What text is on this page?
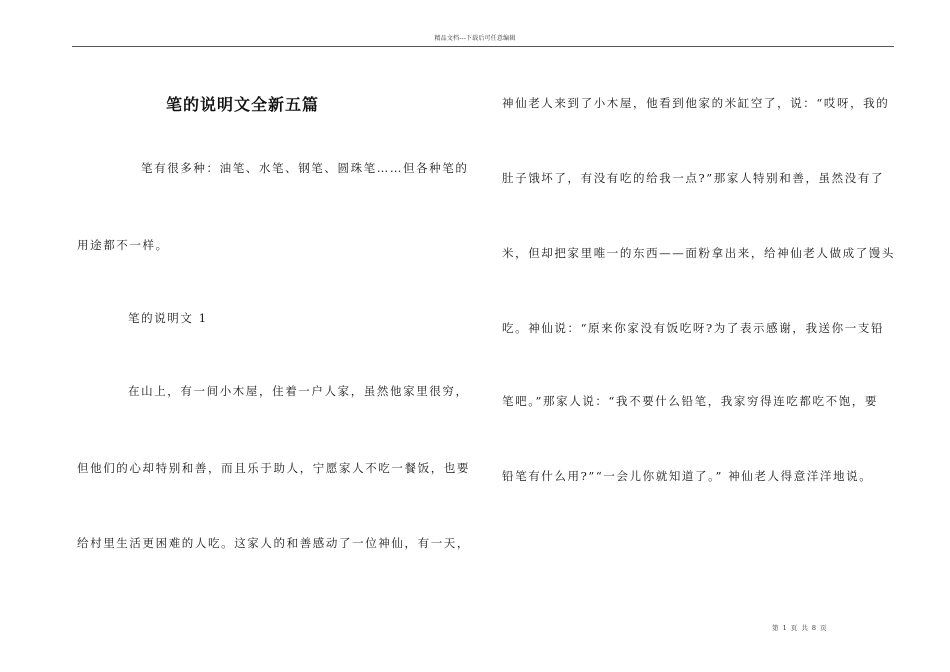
精品文档---下载后可任意编辑
笔的说明文全新五篇
笔有很多种：油笔、水笔、钢笔、圆珠笔……但各种笔的
用途都不一样。
笔的说明文 1
在山上，有一间小木屋，住着一户人家，虽然他家里很穷，
但他们的心却特别和善，而且乐于助人，宁愿家人不吃一餐饭，也要
给村里生活更困难的人吃。这家人的和善感动了一位神仙，有一天，
神仙老人来到了小木屋，他看到他家的米缸空了，说：“哎呀，我的
肚子饿坏了，有没有吃的给我一点?”那家人特别和善，虽然没有了
米，但却把家里唯一的东西——面粉拿出来，给神仙老人做成了馒头
吃。神仙说：“原来你家没有饭吃呀?为了表示感谢，我送你一支铅
笔吧。”那家人说：“我不要什么铅笔，我家穷得连吃都吃不饱，要
铅笔有什么用?”“一会儿你就知道了。” 神仙老人得意洋洋地说。
第 1 页 共 8 页
